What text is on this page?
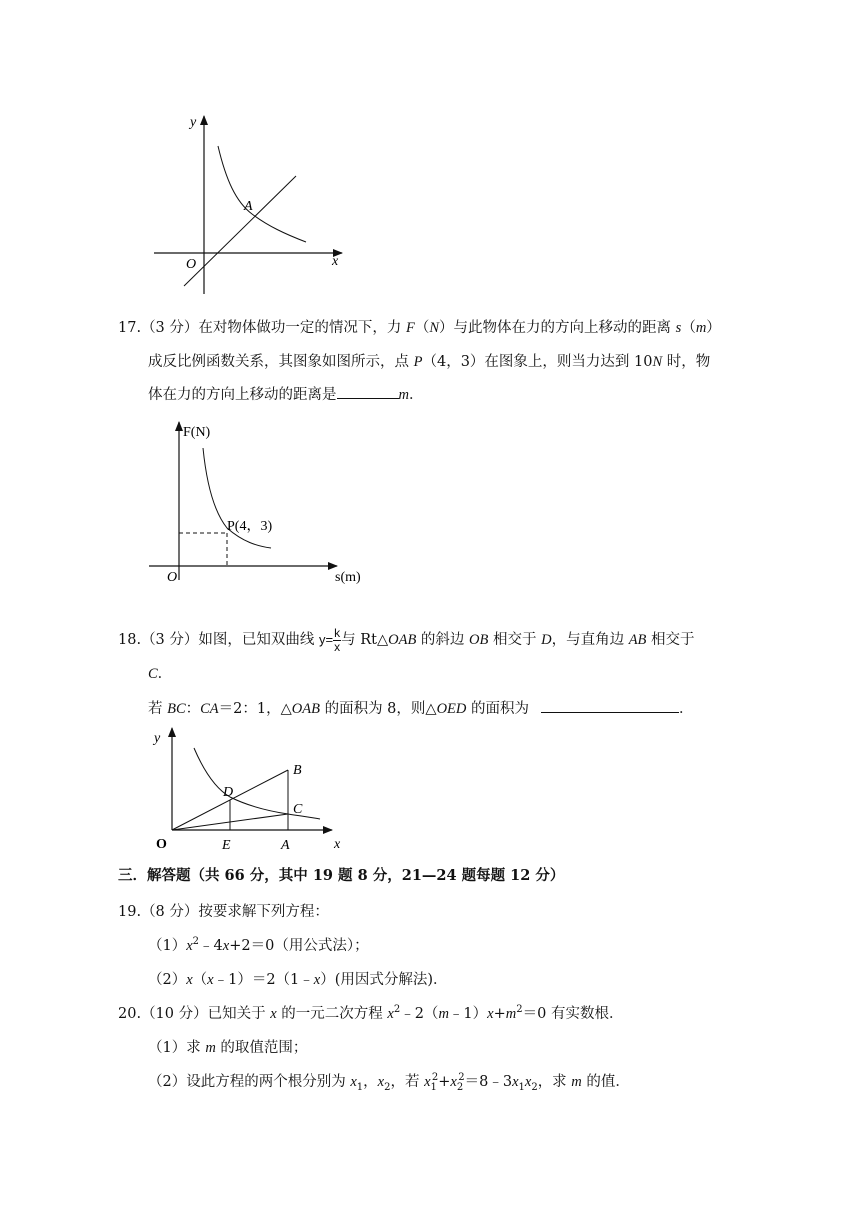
y
x
O
A
17.（3 分）在对物体做功一定的情况下，力 F（N）与此物体在力的方向上移动的距离 s（m）
成反比例函数关系，其图象如图所示，点 P（4，3）在图象上，则当力达到 10N 时，物
体在力的方向上移动的距离是	m．
F(N)
s(m)
O
P(4，3)
18.（3 分）如图，已知双曲线 $y= \frac{k}{x}$ 与 Rt△OAB 的斜边 OB 相交于 D，与直角边 AB 相交于
C．
若 BC：CA＝2：1，△OAB 的面积为 8，则△OED 的面积为	．
y
x
O	E	A
D
B
C
三．解答题（共 66 分，其中 19 题 8 分，21—24 题每题 12 分）
19.（8 分）按要求解下列方程：
$(1)x^2﹣4x+2=0$（用公式法）；
（2）x（x﹣1）＝2（1﹣x）(用因式分解法)．
20.（10 分）已知关于 x 的一元二次方程 $x^2﹣2(m﹣1)x+m^2=0$ 有实数根．
（1）求 m 的取值范围；
（2）设此方程的两个根分别为 $x_1$，$x_2$，若 $x_1^2+x_2^2=8﹣3x_1x_2$，求 m 的值．
